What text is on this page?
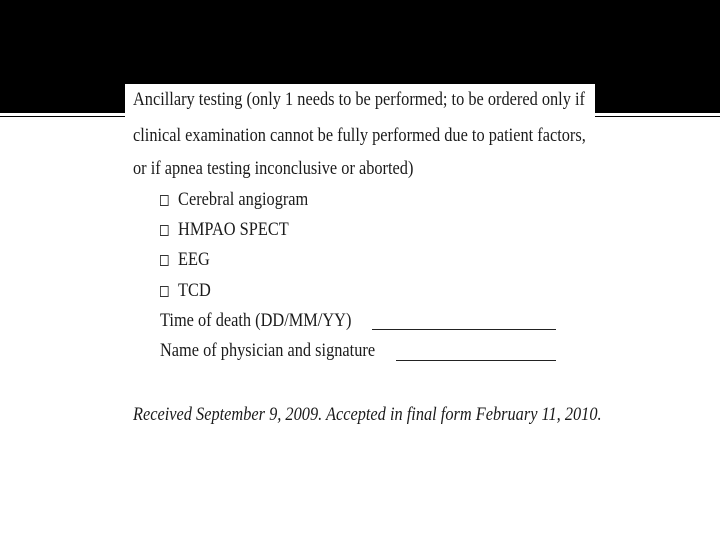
Ancillary testing (only 1 needs to be performed; to be ordered only if
clinical examination cannot be fully performed due to patient factors,
or if apnea testing inconclusive or aborted)
Cerebral angiogram
HMPAO SPECT
EEG
TCD
Time of death (DD/MM/YY)
Name of physician and signature
Received September 9, 2009. Accepted in final form February 11, 2010.
